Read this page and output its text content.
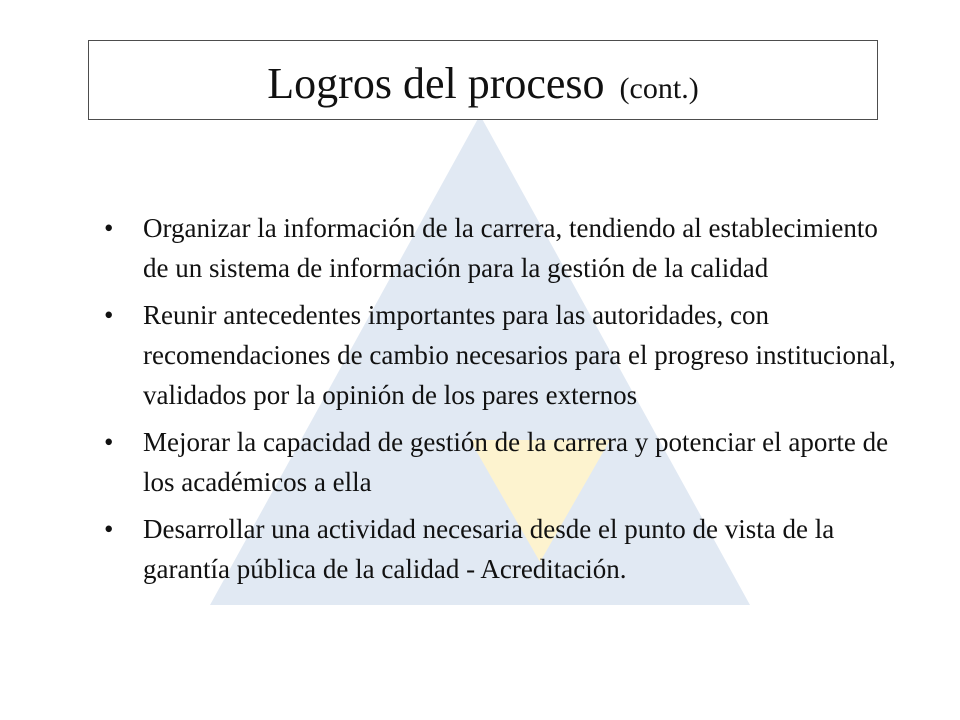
Logros del proceso (cont.)
• Organizar la información de la carrera, tendiendo al establecimiento de un sistema de información para la gestión de la calidad
• Reunir antecedentes importantes para las autoridades, con recomendaciones de cambio necesarios para el progreso institucional, validados por la opinión de los pares externos
• Mejorar la capacidad de gestión de la carrera y potenciar el aporte de los académicos a ella
• Desarrollar una actividad necesaria desde el punto de vista de la garantía pública de la calidad - Acreditación.
